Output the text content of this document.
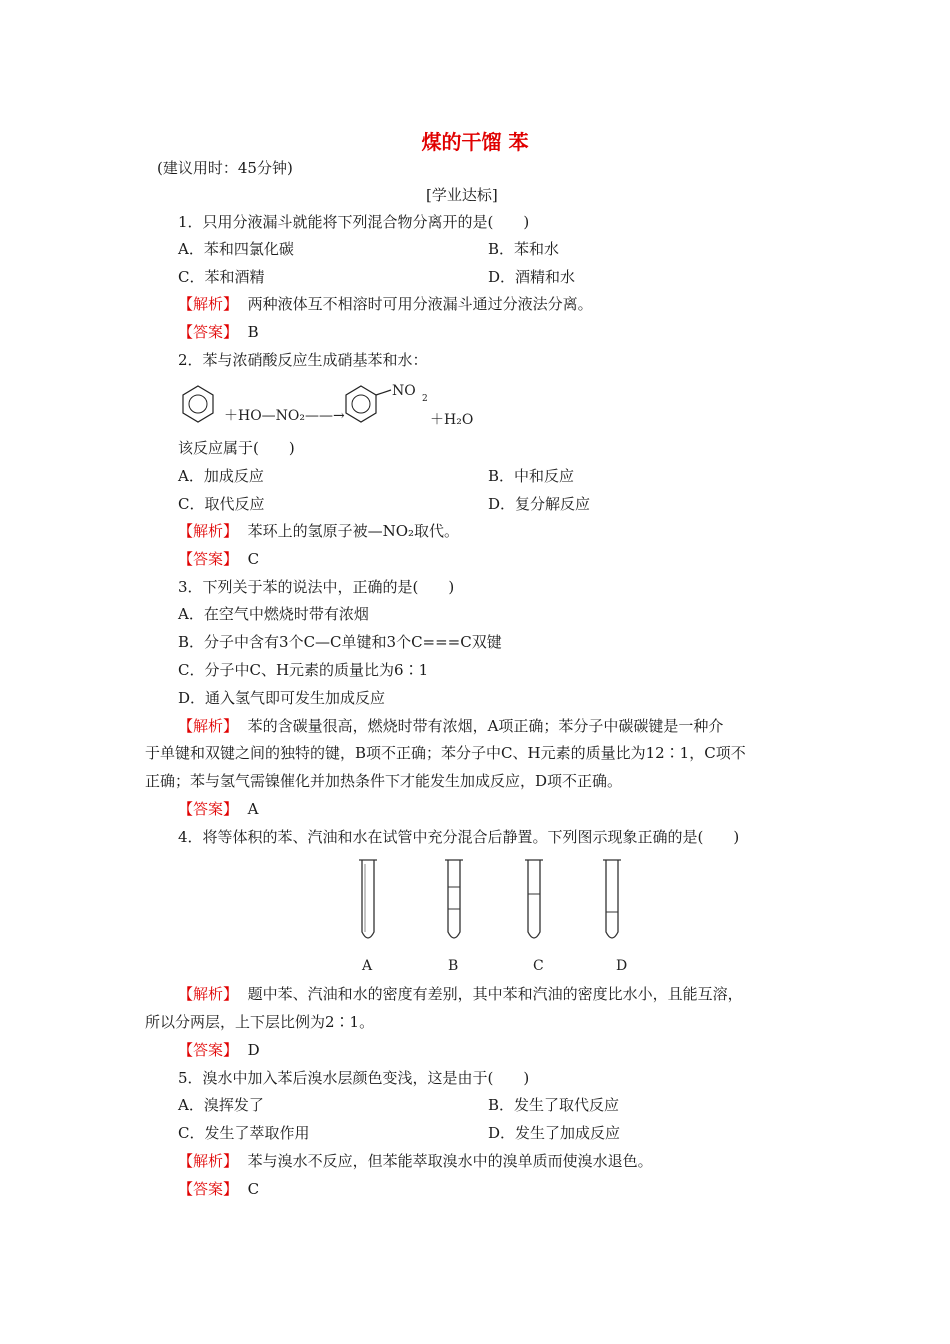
煤的干馏 苯
(建议用时：45分钟)
[学业达标]
1．只用分液漏斗就能将下列混合物分离开的是(　　)
A．苯和四氯化碳	B．苯和水
C．苯和酒精	D．酒精和水
【解析】 两种液体互不相溶时可用分液漏斗通过分液法分离。
【答案】 B
2．苯与浓硝酸反应生成硝基苯和水：
＋HO—NO₂——→
NO 2
＋H₂O
该反应属于(　　)
A．加成反应	B．中和反应
C．取代反应	D．复分解反应
【解析】 苯环上的氢原子被—NO₂取代。
【答案】 C
3．下列关于苯的说法中，正确的是(　　)
A．在空气中燃烧时带有浓烟
B．分子中含有3个C—C单键和3个C===C双键
C．分子中C、H元素的质量比为6∶1
D．通入氢气即可发生加成反应
【解析】 苯的含碳量很高，燃烧时带有浓烟，A项正确；苯分子中碳碳键是一种介
于单键和双键之间的独特的键，B项不正确；苯分子中C、H元素的质量比为12∶1，C项不
正确；苯与氢气需镍催化并加热条件下才能发生加成反应，D项不正确。
【答案】 A
4．将等体积的苯、汽油和水在试管中充分混合后静置。下列图示现象正确的是(　　)
A	B	C	D
【解析】 题中苯、汽油和水的密度有差别，其中苯和汽油的密度比水小，且能互溶，
所以分两层，上下层比例为2∶1。
【答案】 D
5．溴水中加入苯后溴水层颜色变浅，这是由于(　　)
A．溴挥发了	B．发生了取代反应
C．发生了萃取作用	D．发生了加成反应
【解析】 苯与溴水不反应，但苯能萃取溴水中的溴单质而使溴水退色。
【答案】 C
